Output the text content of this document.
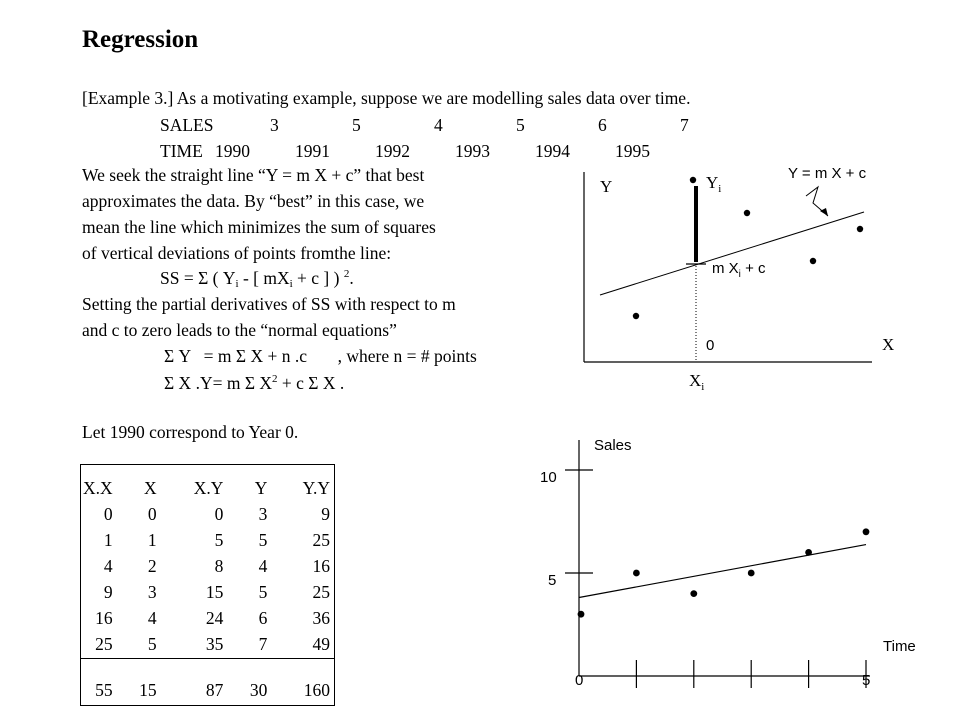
Regression
[Example 3.] As a motivating example, suppose we are modelling sales data over time.
SALES	3	5	4	5	6	7
TIME 1990	1991	1992	1993	1994	1995
We seek the straight line “Y = m X + c” that best
approximates the data. By “best” in this case, we
mean the line which minimizes the sum of squares
of vertical deviations of points fromthe line:
SS = Σ ( $Y_i$ - [ $mX_i + c$ ] ) $^2$.
Setting the partial derivatives of SS with respect to m
and c to zero leads to the “normal equations”
Σ Y   = m Σ X + n .c       , where n = # points
Σ X .Y= m Σ $X^2 + c$ Σ X .
Let 1990 correspond to Year 0.
X.X	X	X.Y	Y	Y.Y
0	0	0	3	9
1	1	5	5	25
4	2	8	4	16
9	3	15	5	25
16	4	24	6	36
25	5	35	7	49

55	15	87	30	160
Y
X
0
$Y_i$
$X_i$
Y = m X + c
m $X_i + c$
Sales
Time
0	5
5
10
